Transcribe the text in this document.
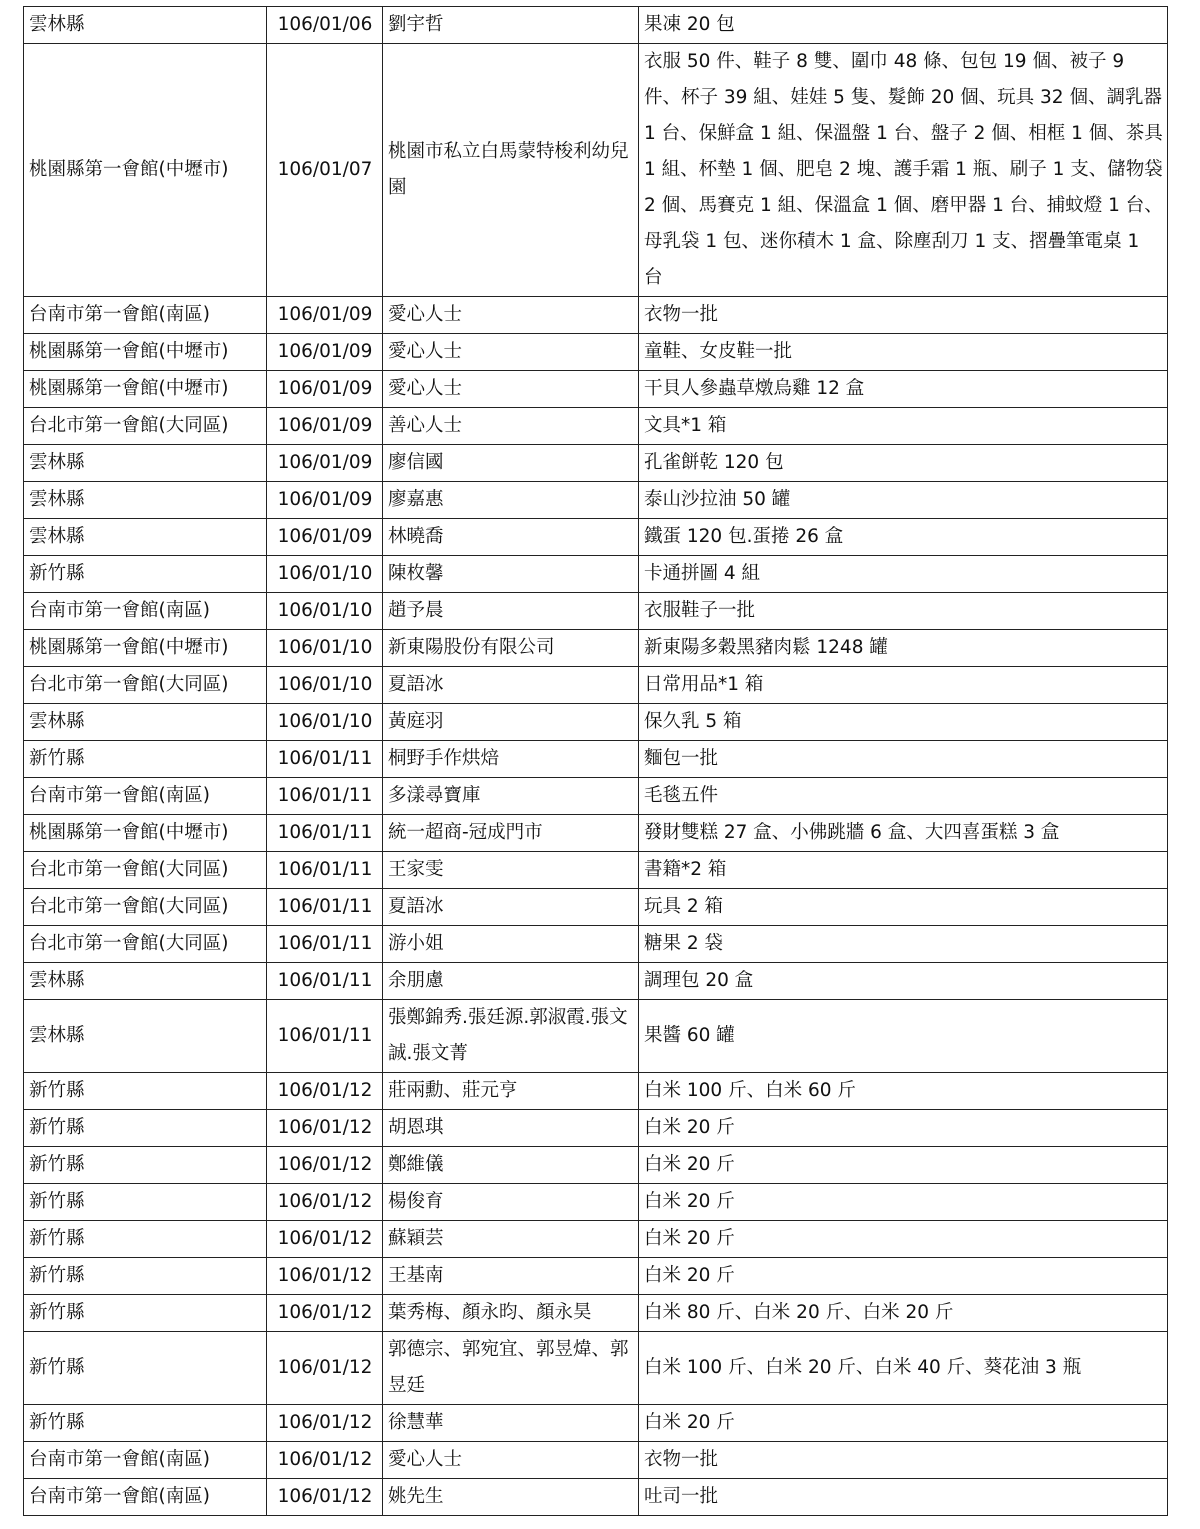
雲林縣	106/01/06	劉宇哲	果凍 20 包
桃園縣第一會館(中壢市)	106/01/07	桃園市私立白馬蒙特梭利幼兒園	衣服 50 件、鞋子 8 雙、圍巾 48 條、包包 19 個、被子 9 件、杯子 39 組、娃娃 5 隻、髮飾 20 個、玩具 32 個、調乳器 1 台、保鮮盒 1 組、保溫盤 1 台、盤子 2 個、相框 1 個、茶具 1 組、杯墊 1 個、肥皂 2 塊、護手霜 1 瓶、刷子 1 支、儲物袋 2 個、馬賽克 1 組、保溫盒 1 個、磨甲器 1 台、捕蚊燈 1 台、母乳袋 1 包、迷你積木 1 盒、除塵刮刀 1 支、摺疊筆電桌 1 台
台南市第一會館(南區)	106/01/09	愛心人士	衣物一批
桃園縣第一會館(中壢市)	106/01/09	愛心人士	童鞋、女皮鞋一批
桃園縣第一會館(中壢市)	106/01/09	愛心人士	干貝人參蟲草燉烏雞 12 盒
台北市第一會館(大同區)	106/01/09	善心人士	文具*1 箱
雲林縣	106/01/09	廖信國	孔雀餅乾 120 包
雲林縣	106/01/09	廖嘉惠	泰山沙拉油 50 罐
雲林縣	106/01/09	林曉喬	鐵蛋 120 包.蛋捲 26 盒
新竹縣	106/01/10	陳枚馨	卡通拼圖 4 組
台南市第一會館(南區)	106/01/10	趙予晨	衣服鞋子一批
桃園縣第一會館(中壢市)	106/01/10	新東陽股份有限公司	新東陽多穀黑豬肉鬆 1248 罐
台北市第一會館(大同區)	106/01/10	夏語冰	日常用品*1 箱
雲林縣	106/01/10	黃庭羽	保久乳 5 箱
新竹縣	106/01/11	桐野手作烘焙	麵包一批
台南市第一會館(南區)	106/01/11	多漾尋寶庫	毛毯五件
桃園縣第一會館(中壢市)	106/01/11	統一超商-冠成門市	發財雙糕 27 盒、小佛跳牆 6 盒、大四喜蛋糕 3 盒
台北市第一會館(大同區)	106/01/11	王家雯	書籍*2 箱
台北市第一會館(大同區)	106/01/11	夏語冰	玩具 2 箱
台北市第一會館(大同區)	106/01/11	游小姐	糖果 2 袋
雲林縣	106/01/11	余朋慮	調理包 20 盒
雲林縣	106/01/11	張鄭錦秀.張廷源.郭淑霞.張文誠.張文菁	果醬 60 罐
新竹縣	106/01/12	莊兩勳、莊元亨	白米 100 斤、白米 60 斤
新竹縣	106/01/12	胡恩琪	白米 20 斤
新竹縣	106/01/12	鄭維儀	白米 20 斤
新竹縣	106/01/12	楊俊育	白米 20 斤
新竹縣	106/01/12	蘇穎芸	白米 20 斤
新竹縣	106/01/12	王基南	白米 20 斤
新竹縣	106/01/12	葉秀梅、顏永昀、顏永昊	白米 80 斤、白米 20 斤、白米 20 斤
新竹縣	106/01/12	郭德宗、郭宛宜、郭昱煒、郭昱廷	白米 100 斤、白米 20 斤、白米 40 斤、葵花油 3 瓶
新竹縣	106/01/12	徐慧華	白米 20 斤
台南市第一會館(南區)	106/01/12	愛心人士	衣物一批
台南市第一會館(南區)	106/01/12	姚先生	吐司一批
